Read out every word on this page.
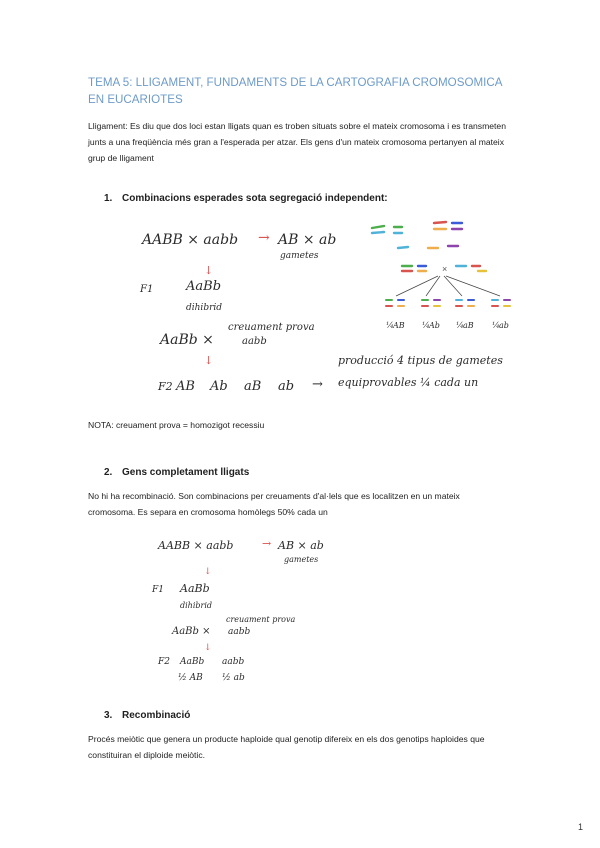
TEMA 5: LLIGAMENT, FUNDAMENTS DE LA CARTOGRAFIA CROMOSOMICA EN EUCARIOTES
Lligament: Es diu que dos loci estan lligats quan es troben situats sobre el mateix cromosoma i es transmeten junts a una freqüència més gran a l'esperada per atzar. Els gens d'un mateix cromosoma pertanyen al mateix grup de lligament
1. Combinacions esperades sota segregació independent:
AABB × aabb → AB × ab
gametes
↓
F1	AaBb
dihibrid
creuament prova
AaBb ×	aabb
↓
F2 AB Ab aB ab →
producció 4 tipus de gametes
equiprovables ¼ cada un
×
¼ AB ¼ Ab ¼ aB ¼ ab
NOTA: creuament prova = homozigot recessiu
2. Gens completament lligats
No hi ha recombinació. Son combinacions per creuaments d'al·lels que es localitzen en un mateix cromosoma. Es separa en cromosoma homòlegs 50% cada un
AABB × aabb	→ AB × ab
gametes
↓
F1 AaBb
dihibrid
creuament prova
AaBb × aabb
↓
F2 AaBb aabb
½ AB ½ ab
3. Recombinació
Procés meiòtic que genera un producte haploide qual genotip difereix en els dos genotips haploides que constituiran el diploide meiòtic.
1
